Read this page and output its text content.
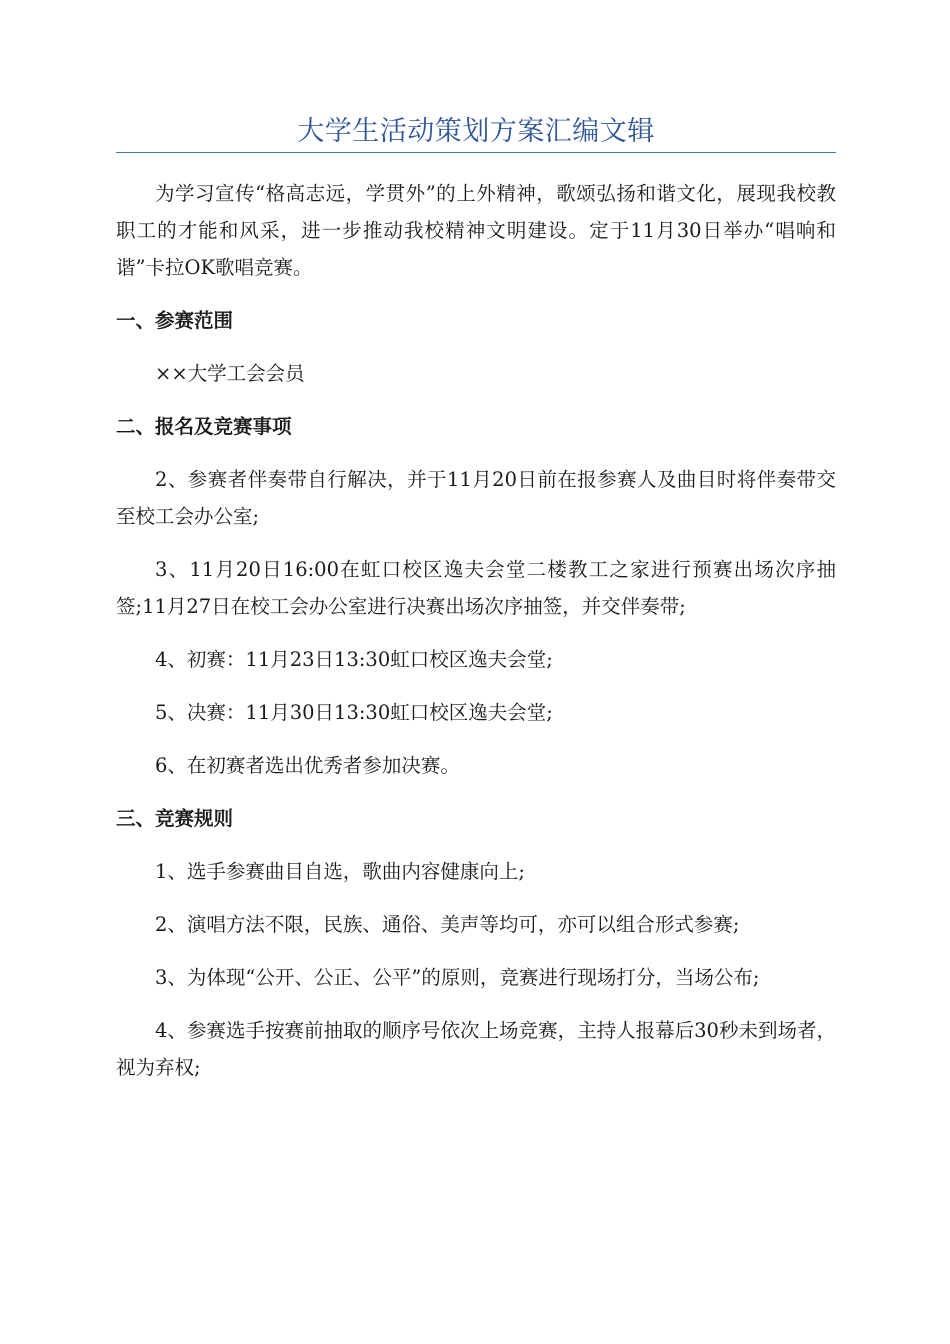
大学生活动策划方案汇编文辑

为学习宣传“格高志远，学贯外”的上外精神，歌颂弘扬和谐文化，展现我校教职工的才能和风采，进一步推动我校精神文明建设。定于11月30日举办“唱响和谐”卡拉OK歌唱竞赛。

一、参赛范围

××大学工会会员

二、报名及竞赛事项

2、参赛者伴奏带自行解决，并于11月20日前在报参赛人及曲目时将伴奏带交至校工会办公室;

3、11月20日16:00在虹口校区逸夫会堂二楼教工之家进行预赛出场次序抽签;11月27日在校工会办公室进行决赛出场次序抽签，并交伴奏带;

4、初赛：11月23日13:30虹口校区逸夫会堂;

5、决赛：11月30日13:30虹口校区逸夫会堂;

6、在初赛者选出优秀者参加决赛。

三、竞赛规则

1、选手参赛曲目自选，歌曲内容健康向上;

2、演唱方法不限，民族、通俗、美声等均可，亦可以组合形式参赛;

3、为体现“公开、公正、公平”的原则，竞赛进行现场打分，当场公布;

4、参赛选手按赛前抽取的顺序号依次上场竞赛，主持人报幕后30秒未到场者，视为弃权;
